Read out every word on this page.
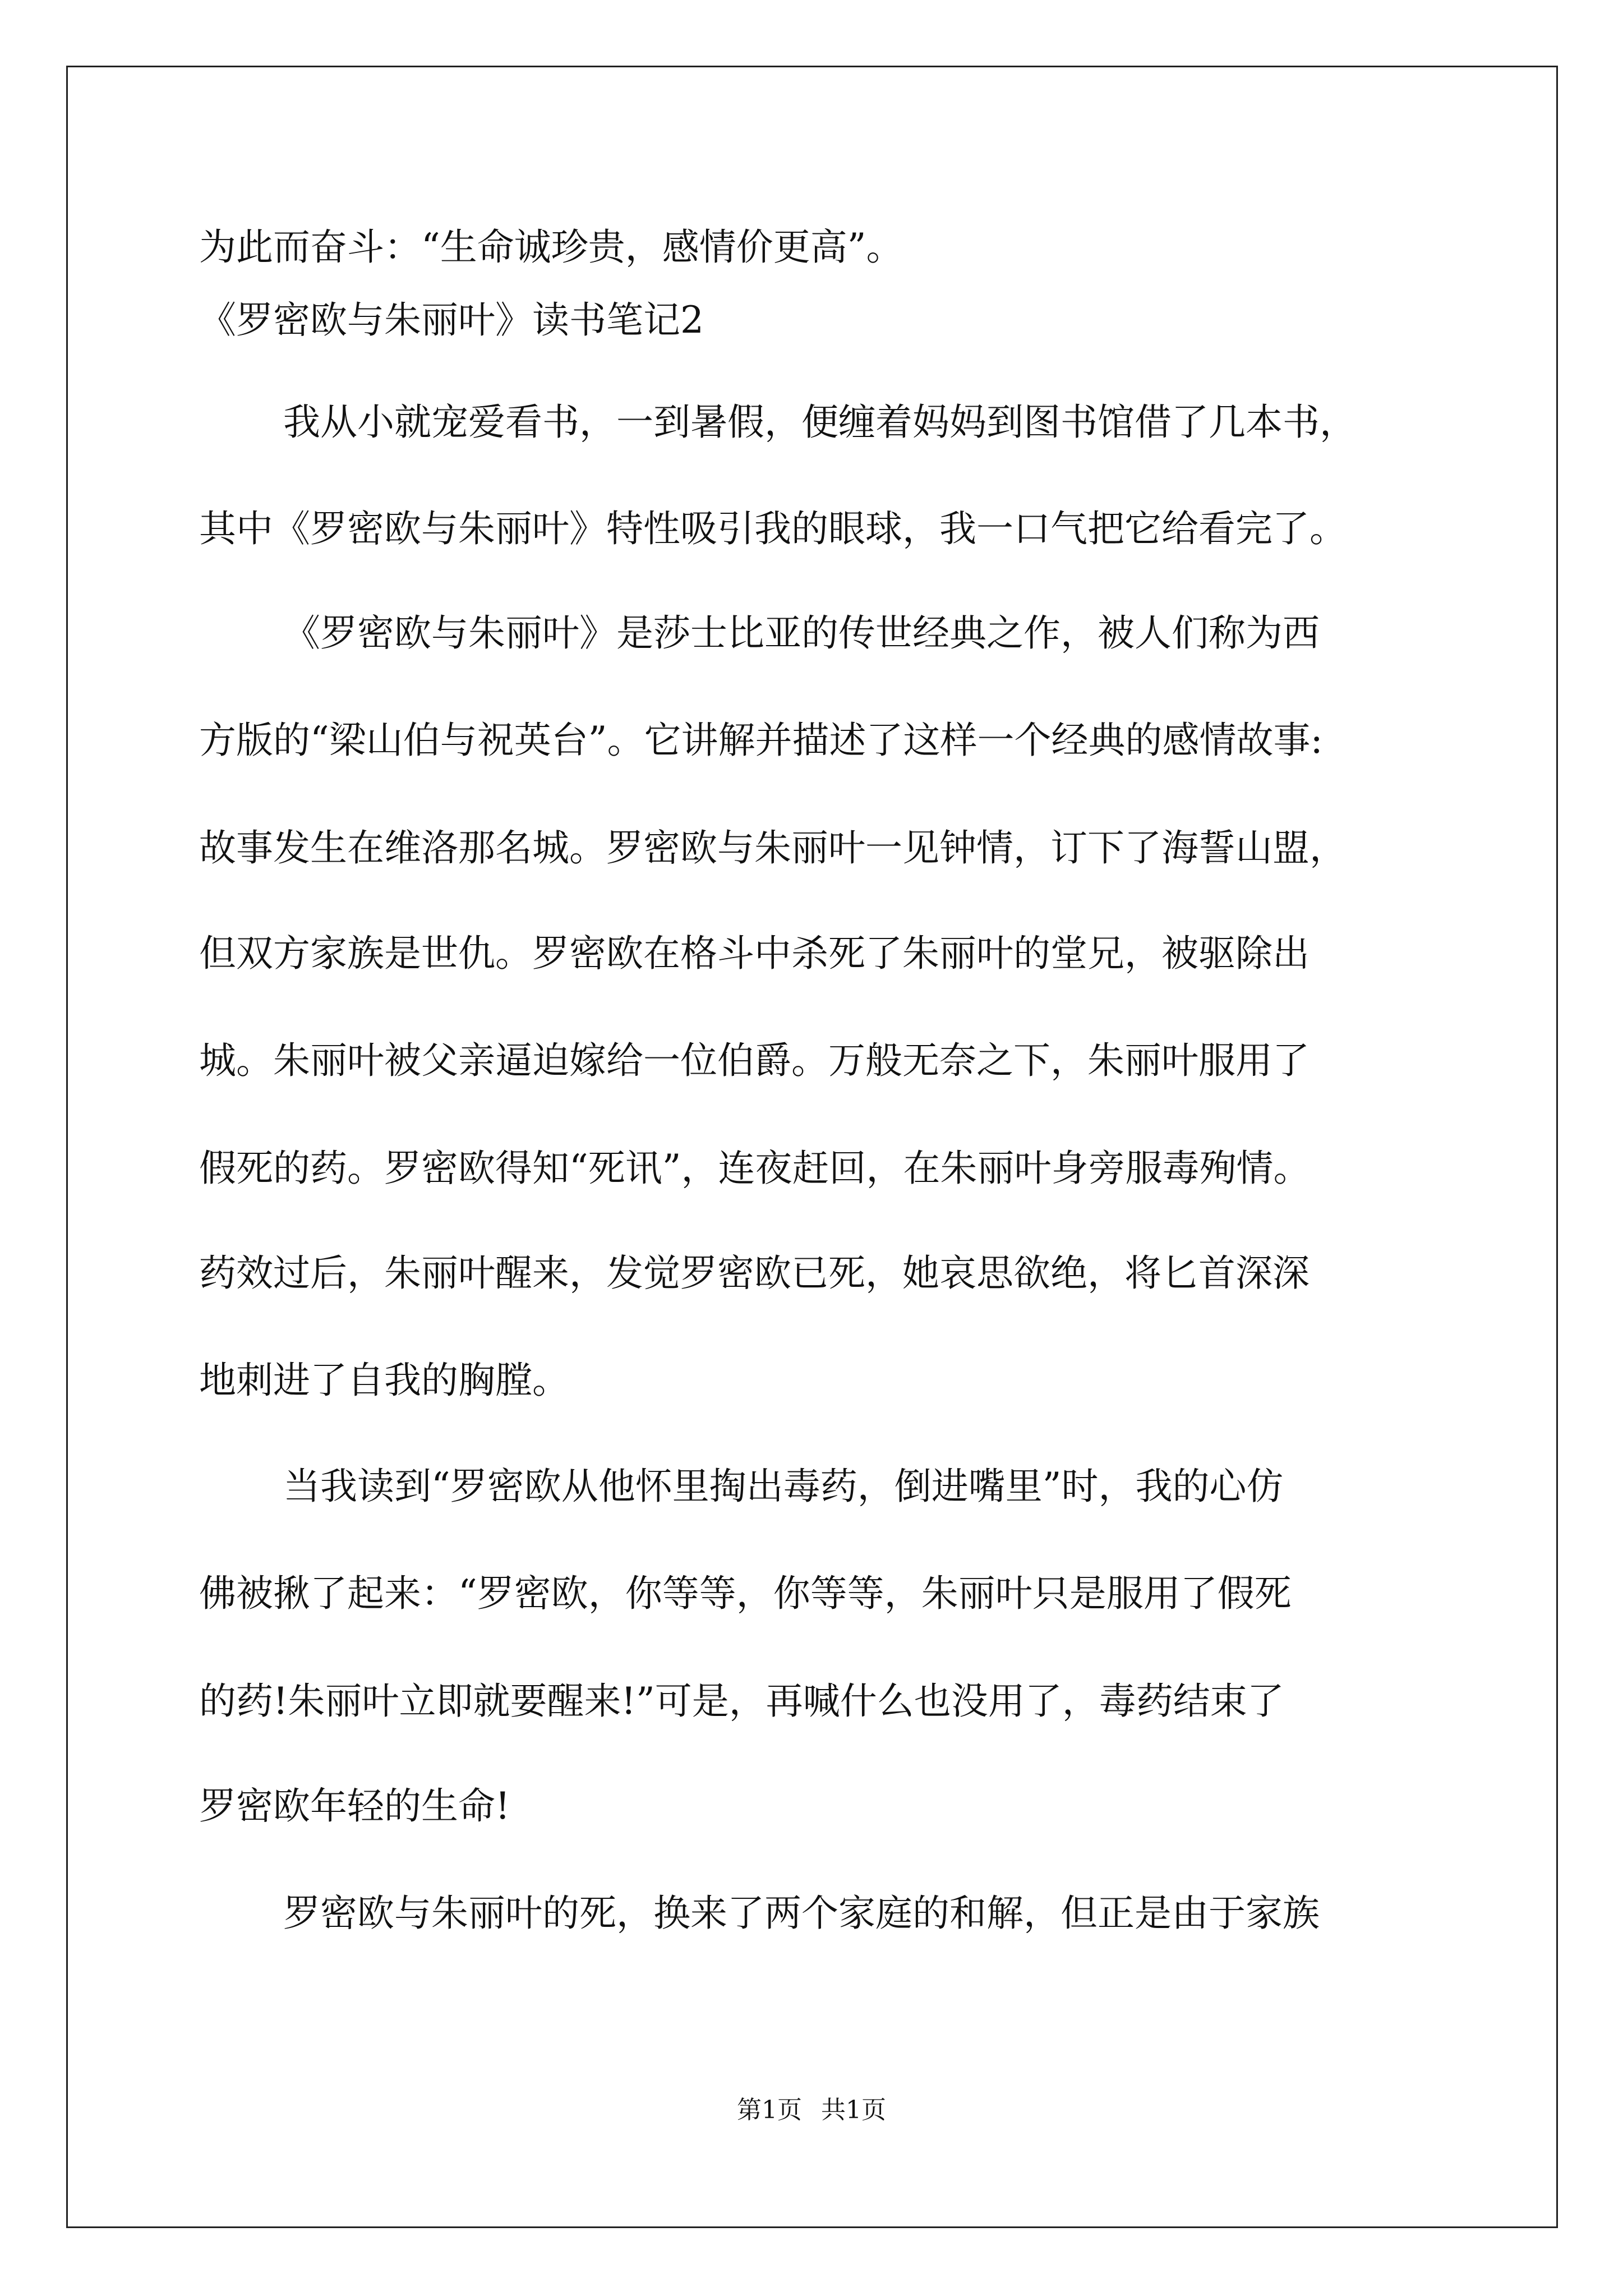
为此而奋斗：“生命诚珍贵，感情价更高”。
《罗密欧与朱丽叶》读书笔记2
我从小就宠爱看书，一到暑假，便缠着妈妈到图书馆借了几本书，
其中《罗密欧与朱丽叶》特性吸引我的眼球，我一口气把它给看完了。
《罗密欧与朱丽叶》是莎士比亚的传世经典之作，被人们称为西
方版的“梁山伯与祝英台”。它讲解并描述了这样一个经典的感情故事:
故事发生在维洛那名城。罗密欧与朱丽叶一见钟情，订下了海誓山盟，
但双方家族是世仇。罗密欧在格斗中杀死了朱丽叶的堂兄，被驱除出
城。朱丽叶被父亲逼迫嫁给一位伯爵。万般无奈之下，朱丽叶服用了
假死的药。罗密欧得知“死讯”，连夜赶回，在朱丽叶身旁服毒殉情。
药效过后，朱丽叶醒来，发觉罗密欧已死，她哀思欲绝，将匕首深深
地刺进了自我的胸膛。
当我读到“罗密欧从他怀里掏出毒药，倒进嘴里”时，我的心仿
佛被揪了起来：“罗密欧，你等等，你等等，朱丽叶只是服用了假死
的药!朱丽叶立即就要醒来!”可是，再喊什么也没用了，毒药结束了
罗密欧年轻的生命!
罗密欧与朱丽叶的死，换来了两个家庭的和解，但正是由于家族
第1页 共1页
